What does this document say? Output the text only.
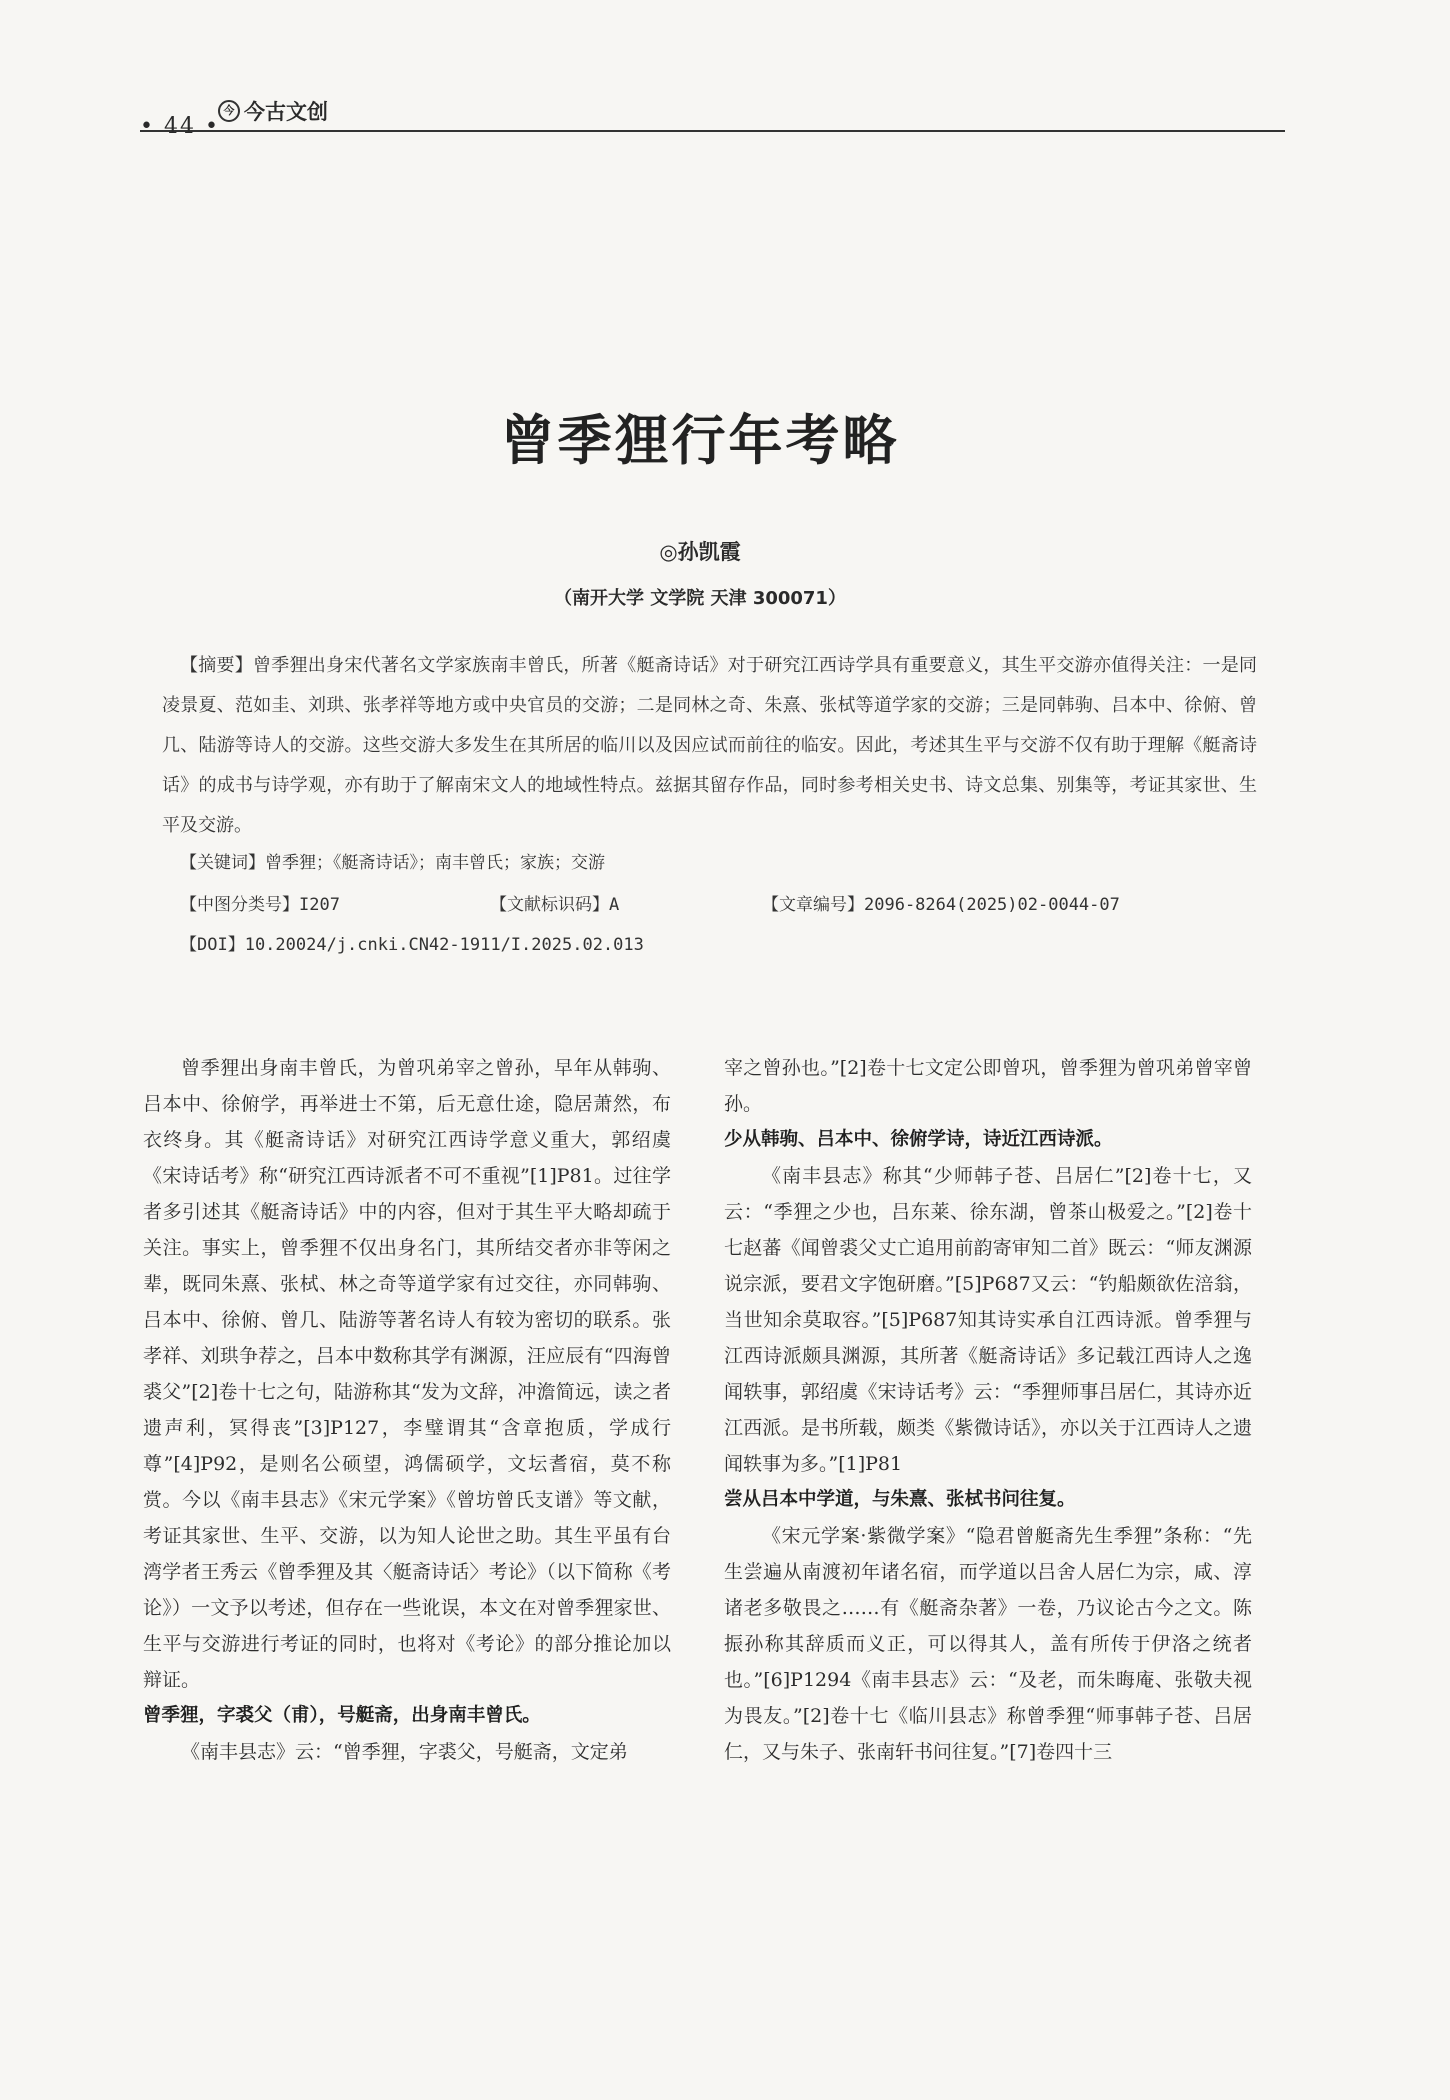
• 44 •
今 今古文创
曾季狸行年考略
◎孙凯霞
（南开大学 文学院 天津 300071）
【摘要】曾季狸出身宋代著名文学家族南丰曾氏，所著《艇斋诗话》对于研究江西诗学具有重要意义，其生平交游亦值得关注：一是同凌景夏、范如圭、刘珙、张孝祥等地方或中央官员的交游；二是同林之奇、朱熹、张栻等道学家的交游；三是同韩驹、吕本中、徐俯、曾几、陆游等诗人的交游。这些交游大多发生在其所居的临川以及因应试而前往的临安。因此，考述其生平与交游不仅有助于理解《艇斋诗话》的成书与诗学观，亦有助于了解南宋文人的地域性特点。兹据其留存作品，同时参考相关史书、诗文总集、别集等，考证其家世、生平及交游。
【关键词】曾季狸；《艇斋诗话》；南丰曾氏；家族；交游
【中图分类号】I207	【文献标识码】A	【文章编号】2096-8264(2025)02-0044-07
【DOI】10.20024/j.cnki.CN42-1911/I.2025.02.013

曾季狸出身南丰曾氏，为曾巩弟宰之曾孙，早年从韩驹、吕本中、徐俯学，再举进士不第，后无意仕途，隐居萧然，布衣终身。其《艇斋诗话》对研究江西诗学意义重大，郭绍虞《宋诗话考》称“研究江西诗派者不可不重视”[1]P81。过往学者多引述其《艇斋诗话》中的内容，但对于其生平大略却疏于关注。事实上，曾季狸不仅出身名门，其所结交者亦非等闲之辈，既同朱熹、张栻、林之奇等道学家有过交往，亦同韩驹、吕本中、徐俯、曾几、陆游等著名诗人有较为密切的联系。张孝祥、刘珙争荐之，吕本中数称其学有渊源，汪应辰有“四海曾裘父”[2]卷十七之句，陆游称其“发为文辞，冲澹简远，读之者遗声利，冥得丧”[3]P127，李璧谓其“含章抱质，学成行尊”[4]P92，是则名公硕望，鸿儒硕学，文坛耆宿，莫不称赏。今以《南丰县志》《宋元学案》《曾坊曾氏支谱》等文献，考证其家世、生平、交游，以为知人论世之助。其生平虽有台湾学者王秀云《曾季狸及其〈艇斋诗话〉考论》（以下简称《考论》）一文予以考述，但存在一些讹误，本文在对曾季狸家世、生平与交游进行考证的同时，也将对《考论》的部分推论加以辩证。

曾季狸，字裘父（甫），号艇斋，出身南丰曾氏。

《南丰县志》云：“曾季狸，字裘父，号艇斋，文定弟

宰之曾孙也。”[2]卷十七文定公即曾巩，曾季狸为曾巩弟曾宰曾孙。

少从韩驹、吕本中、徐俯学诗，诗近江西诗派。

《南丰县志》称其“少师韩子苍、吕居仁”[2]卷十七，又云：“季狸之少也，吕东莱、徐东湖，曾茶山极爱之。”[2]卷十七赵蕃《闻曾裘父丈亡追用前韵寄审知二首》既云：“师友渊源说宗派，要君文字饱研磨。”[5]P687又云：“钓船颇欲佐涪翁，当世知余莫取容。”[5]P687知其诗实承自江西诗派。曾季狸与江西诗派颇具渊源，其所著《艇斋诗话》多记载江西诗人之逸闻轶事，郭绍虞《宋诗话考》云：“季狸师事吕居仁，其诗亦近江西派。是书所载，颇类《紫微诗话》，亦以关于江西诗人之遗闻轶事为多。”[1]P81

尝从吕本中学道，与朱熹、张栻书问往复。

《宋元学案·紫微学案》“隐君曾艇斋先生季狸”条称：“先生尝遍从南渡初年诸名宿，而学道以吕舍人居仁为宗，咸、淳诸老多敬畏之……有《艇斋杂著》一卷，乃议论古今之文。陈振孙称其辞质而义正，可以得其人，盖有所传于伊洛之统者也。”[6]P1294《南丰县志》云：“及老，而朱晦庵、张敬夫视为畏友。”[2]卷十七《临川县志》称曾季狸“师事韩子苍、吕居仁，又与朱子、张南轩书问往复。”[7]卷四十三
